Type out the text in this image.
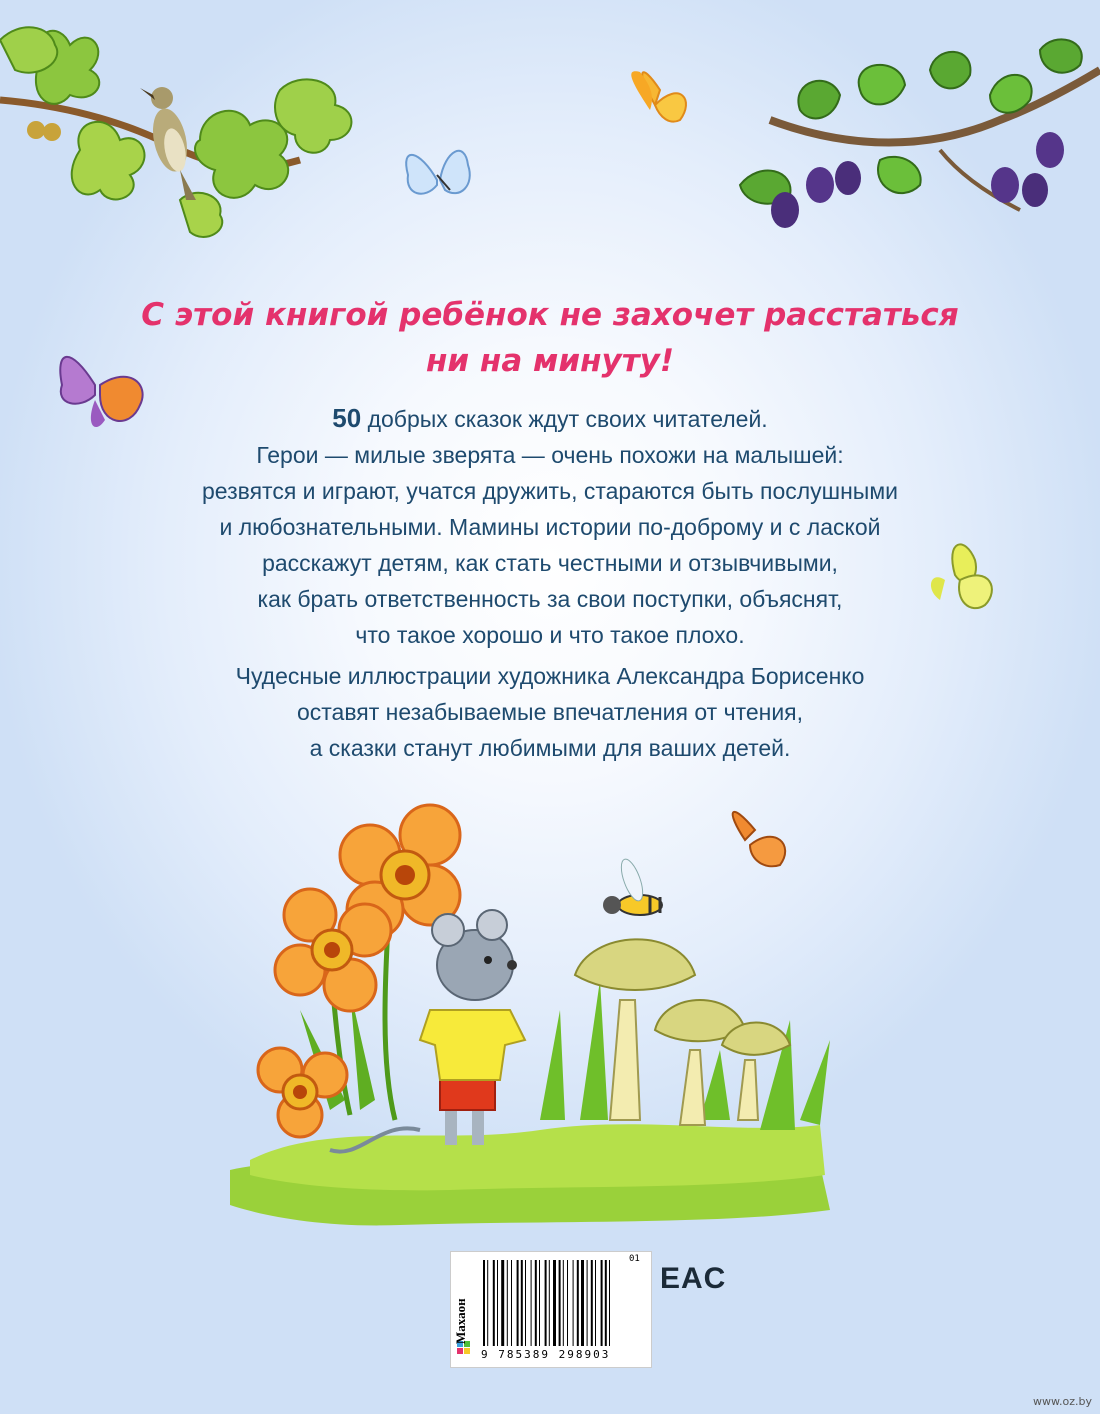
С этой книгой ребёнок не захочет расстаться
ни на минуту!
50 добрых сказок ждут своих читателей.
Герои — милые зверята — очень похожи на малышей:
резвятся и играют, учатся дружить, стараются быть послушными
и любознательными. Мамины истории по-доброму и с лаской
расскажут детям, как стать честными и отзывчивыми,
как брать ответственность за свои поступки, объяснят,
что такое хорошо и что такое плохо.
Чудесные иллюстрации художника Александра Борисенко
оставят незабываемые впечатления от чтения,
а сказки станут любимыми для ваших детей.
Махаон
01
9 785389 298903
EAC
www.oz.by
